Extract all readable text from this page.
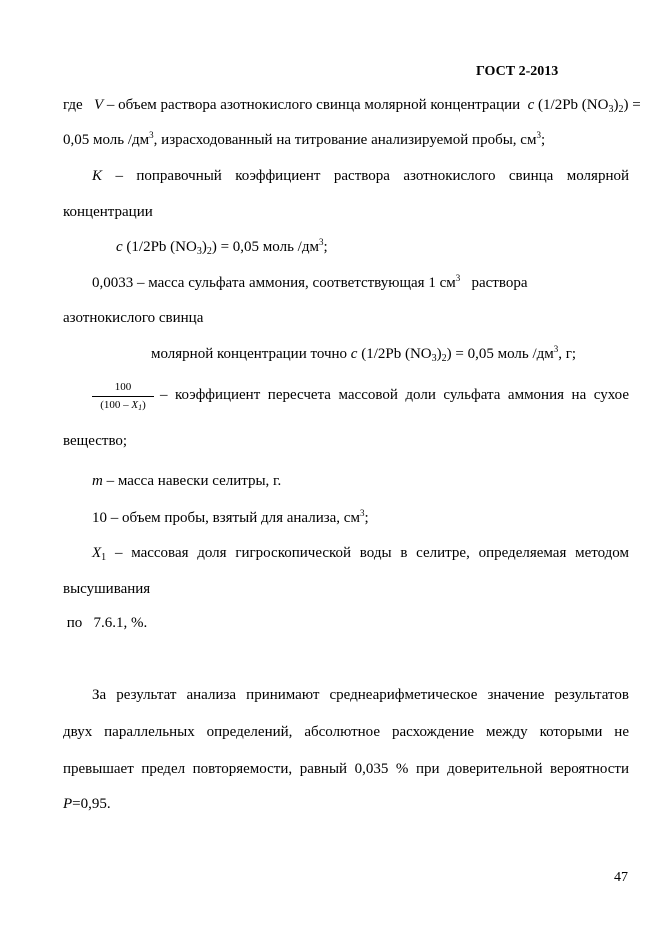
ГОСТ 2-2013
где V – объем раствора азотнокислого свинца молярной концентрации c (1/2Pb $(NO_3)_2$) =
0,05 моль $/дм^3$, израсходованный на титрование анализируемой пробы, $см^3$;
K – поправочный коэффициент раствора азотнокислого свинца молярной
концентрации
c (1/2Pb $(NO_3)_2) = 0,05$ моль $/дм^3$;
0,0033 – масса сульфата аммония, соответствующая 1 $см^3$ раствора
азотнокислого свинца
молярной концентрации точно c (1/2Pb $(NO_3)_2) = 0,05$ моль $/дм^3$, г;
100
$(100 - X_1)$
– коэффициент пересчета массовой доли сульфата аммония на сухое
вещество;
m – масса навески селитры, г.
10 – объем пробы, взятый для анализа, $см^3$;
$X_1$ – массовая доля гигроскопической воды в селитре, определяемая методом
высушивания
по   7.6.1, %.
За результат анализа принимают среднеарифметическое значение результатов
двух параллельных определений, абсолютное расхождение между которыми не
превышает предел повторяемости, равный 0,035 % при доверительной вероятности
P=0,95.
47
